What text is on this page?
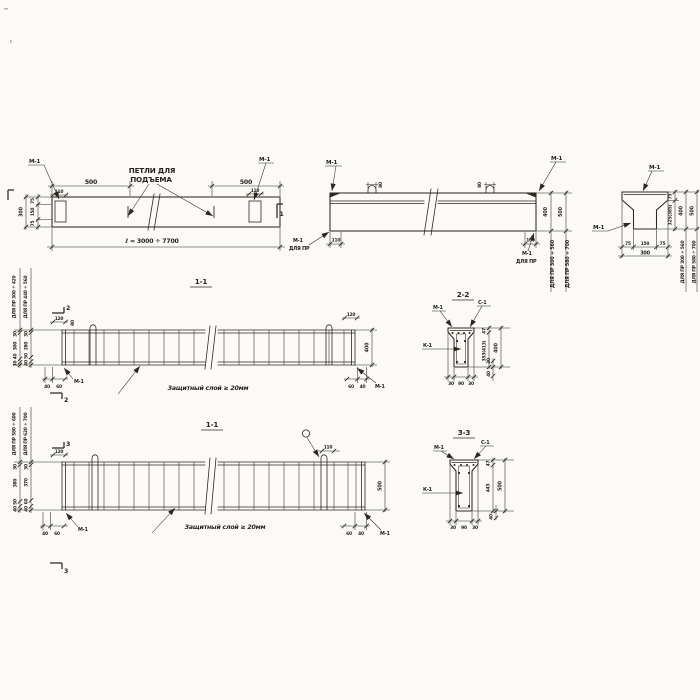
ПЕТЛИ ДЛЯ
ПОДЪЕМА
М-1	М-1
500	500
110	110
75
150
75
300	1
ℓ = 3000 ÷ 7700
80	80
М-1
М-1
110
М-1
ДЛЯ ПР
100
М-1
ДЛЯ ПР
400 500
ДЛЯ ПР 300 ÷ 560 ДЛЯ ПР 580 ÷ 700
М-1
М-1
75 150 75
300
75
325(385) 400 500
ДЛЯ ПР 300 ÷ 560 ДЛЯ ПР 580 ÷ 700
1-1
2
2
120
80
120
400
40 60
М-1
60 40 М-1
Защитный слой ≥ 20мм
30
300
40
30
30
280
50
40
ДЛЯ ПР 300 ÷ 420 ДЛЯ ПР 440 ÷ 560	2-2
М-1
С-1
К-1
30 90 30
47
353(413) 400
30
40
1-1
3
3
120
110
500
40 60
М-1
60 40	М-1
Защитный слой ≥ 20мм
30
380
50
40
30
370
60
40
ДЛЯ ПР 580 ÷ 600 ДЛЯ ПР 620 ÷ 700	3-3
М-1
С-1
К-1
30 90 30
47
443 500
40
